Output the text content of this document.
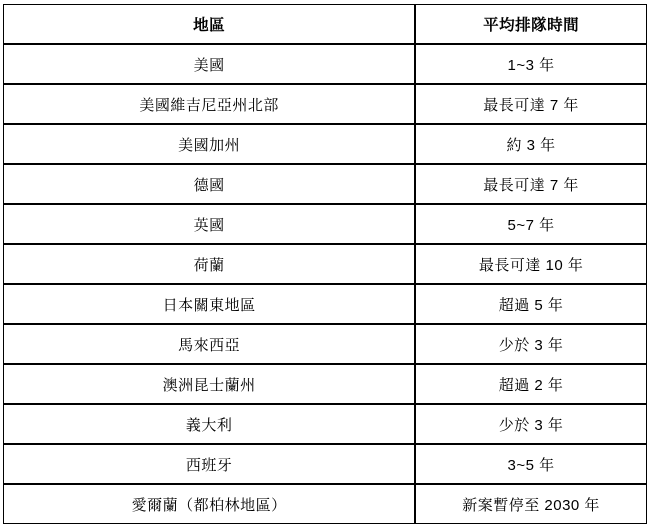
地區	平均排隊時間
美國	1~3 年
美國維吉尼亞州北部	最長可達 7 年
美國加州	約 3 年
德國	最長可達 7 年
英國	5~7 年
荷蘭	最長可達 10 年
日本關東地區	超過 5 年
馬來西亞	少於 3 年
澳洲昆士蘭州	超過 2 年
義大利	少於 3 年
西班牙	3~5 年
愛爾蘭（都柏林地區）	新案暫停至 2030 年
